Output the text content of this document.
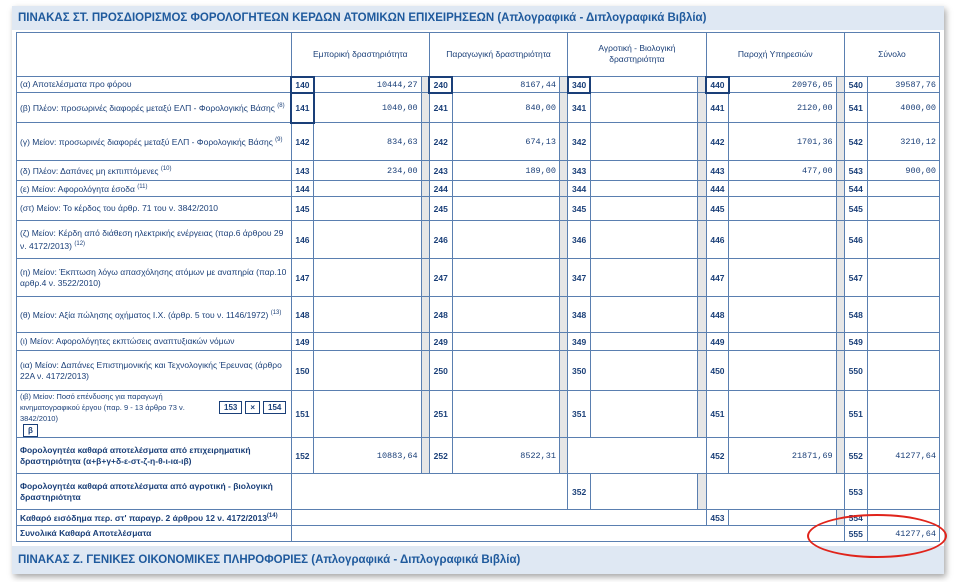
ΠΙΝΑΚΑΣ ΣΤ. ΠΡΟΣΔΙΟΡΙΣΜΟΣ ΦΟΡΟΛΟΓΗΤΕΩΝ ΚΕΡΔΩΝ ΑΤΟΜΙΚΩΝ ΕΠΙΧΕΙΡΗΣΕΩΝ (Απλογραφικά - Διπλογραφικά Βιβλία)
	Εμπορική δραστηριότητα			Παραγωγική δραστηριότητα			Αγροτική - Βιολογική δραστηριότητα			Παροχή Υπηρεσιών			Σύνολο	
(α) Αποτελέσματα προ φόρου	140	10444,27		240	8167,44		340			440	20976,05		540	39587,76
(β) Πλέον: προσωρινές διαφορές μεταξύ ΕΛΠ - Φορολογικής Βάσης $^{(8)}$	141	1040,00		241	840,00		341			441	2120,00		541	4000,00
(γ) Μείον: προσωρινές διαφορές μεταξύ ΕΛΠ - Φορολογικής Βάσης $^{(9)}$	142	834,63		242	674,13		342			442	1701,36		542	3210,12
(δ) Πλέον: Δαπάνες μη εκπιπτόμενες $^{(10)}$	143	234,00		243	189,00		343			443	477,00		543	900,00
(ε) Μείον: Αφορολόγητα έσοδα $^{(11)}$	144			244			344			444			544	
(στ) Μείον: Το κέρδος του άρθρ. 71 του ν. 3842/2010	145			245			345			445			545	
(ζ) Μείον: Κέρδη από διάθεση ηλεκτρικής ενέργειας (παρ.6 άρθρου 29 ν. 4172/2013) $^{(12)}$	146			246			346			446			546	
(η) Μείον: Έκπτωση λόγω απασχόλησης ατόμων με αναπηρία (παρ.10 αρθρ.4 ν. 3522/2010)	147			247			347			447			547	
(θ) Μείον: Αξία πώλησης οχήματος Ι.Χ. (άρθρ. 5 του ν. 1146/1972) $^{(13)}$	148			248			348			448			548	
(ι) Μείον: Αφορολόγητες εκπτώσεις αναπτυξιακών νόμων	149			249			349			449			549	
(ια) Μείον: Δαπάνες Επιστημονικής και Τεχνολογικής Έρευνας (άρθρο 22Α ν. 4172/2013)	150			250			350			450			550	
(ιβ) Μείον: Ποσό επένδυσης για παραγωγή κινηματογραφικού έργου (παρ. 9 - 13 άρθρο 73 ν. 3842/2010)153 × 154β	151			251			351			451			551	
Φορολογητέα καθαρά αποτελέσματα από επιχειρηματική δραστηριότητα (α+β+γ+δ-ε-στ-ζ-η-θ-ι-ια-ιβ)	152	10883,64		252	8522,31					452	21871,69		552	41277,64
Φορολογητέα καθαρά αποτελέσματα από αγροτική - βιολογική δραστηριότητα							352						553	
Καθαρό εισόδημα περ. στ' παραγρ. 2 άρθρου 12 ν. 4172/2013$^{(14)}$										453			554	
Συνολικά Καθαρά Αποτελέσματα													555	41277,64
ΠΙΝΑΚΑΣ Ζ. ΓΕΝΙΚΕΣ ΟΙΚΟΝΟΜΙΚΕΣ ΠΛΗΡΟΦΟΡΙΕΣ (Απλογραφικά - Διπλογραφικά Βιβλία)
